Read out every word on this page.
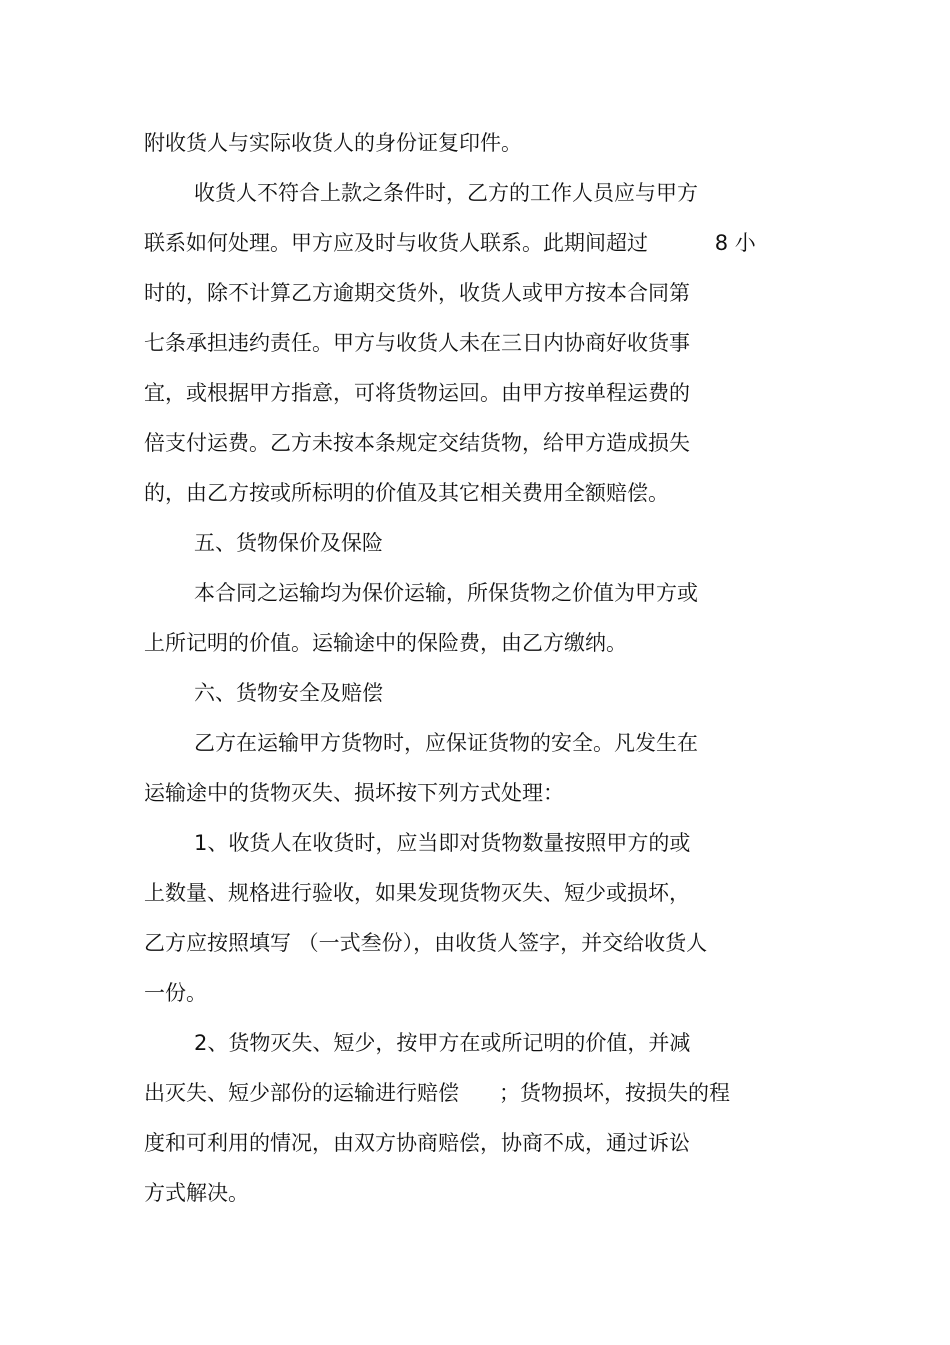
附收货人与实际收货人的身份证复印件。
收货人不符合上款之条件时，乙方的工作人员应与甲方
联系如何处理。甲方应及时与收货人联系。此期间超过          8 小
时的，除不计算乙方逾期交货外，收货人或甲方按本合同第
七条承担违约责任。甲方与收货人未在三日内协商好收货事
宜，或根据甲方指意，可将货物运回。由甲方按单程运费的
倍支付运费。乙方未按本条规定交结货物，给甲方造成损失
的，由乙方按或所标明的价值及其它相关费用全额赔偿。
五、货物保价及保险
本合同之运输均为保价运输，所保货物之价值为甲方或
上所记明的价值。运输途中的保险费，由乙方缴纳。
六、货物安全及赔偿
乙方在运输甲方货物时，应保证货物的安全。凡发生在
运输途中的货物灭失、损坏按下列方式处理：
1、收货人在收货时，应当即对货物数量按照甲方的或
上数量、规格进行验收，如果发现货物灭失、短少或损坏，
乙方应按照填写 （一式叁份），由收货人签字，并交给收货人
一份。
2、货物灭失、短少，按甲方在或所记明的价值，并减
出灭失、短少部份的运输进行赔偿      ；货物损坏，按损失的程
度和可利用的情况，由双方协商赔偿，协商不成，通过诉讼
方式解决。
